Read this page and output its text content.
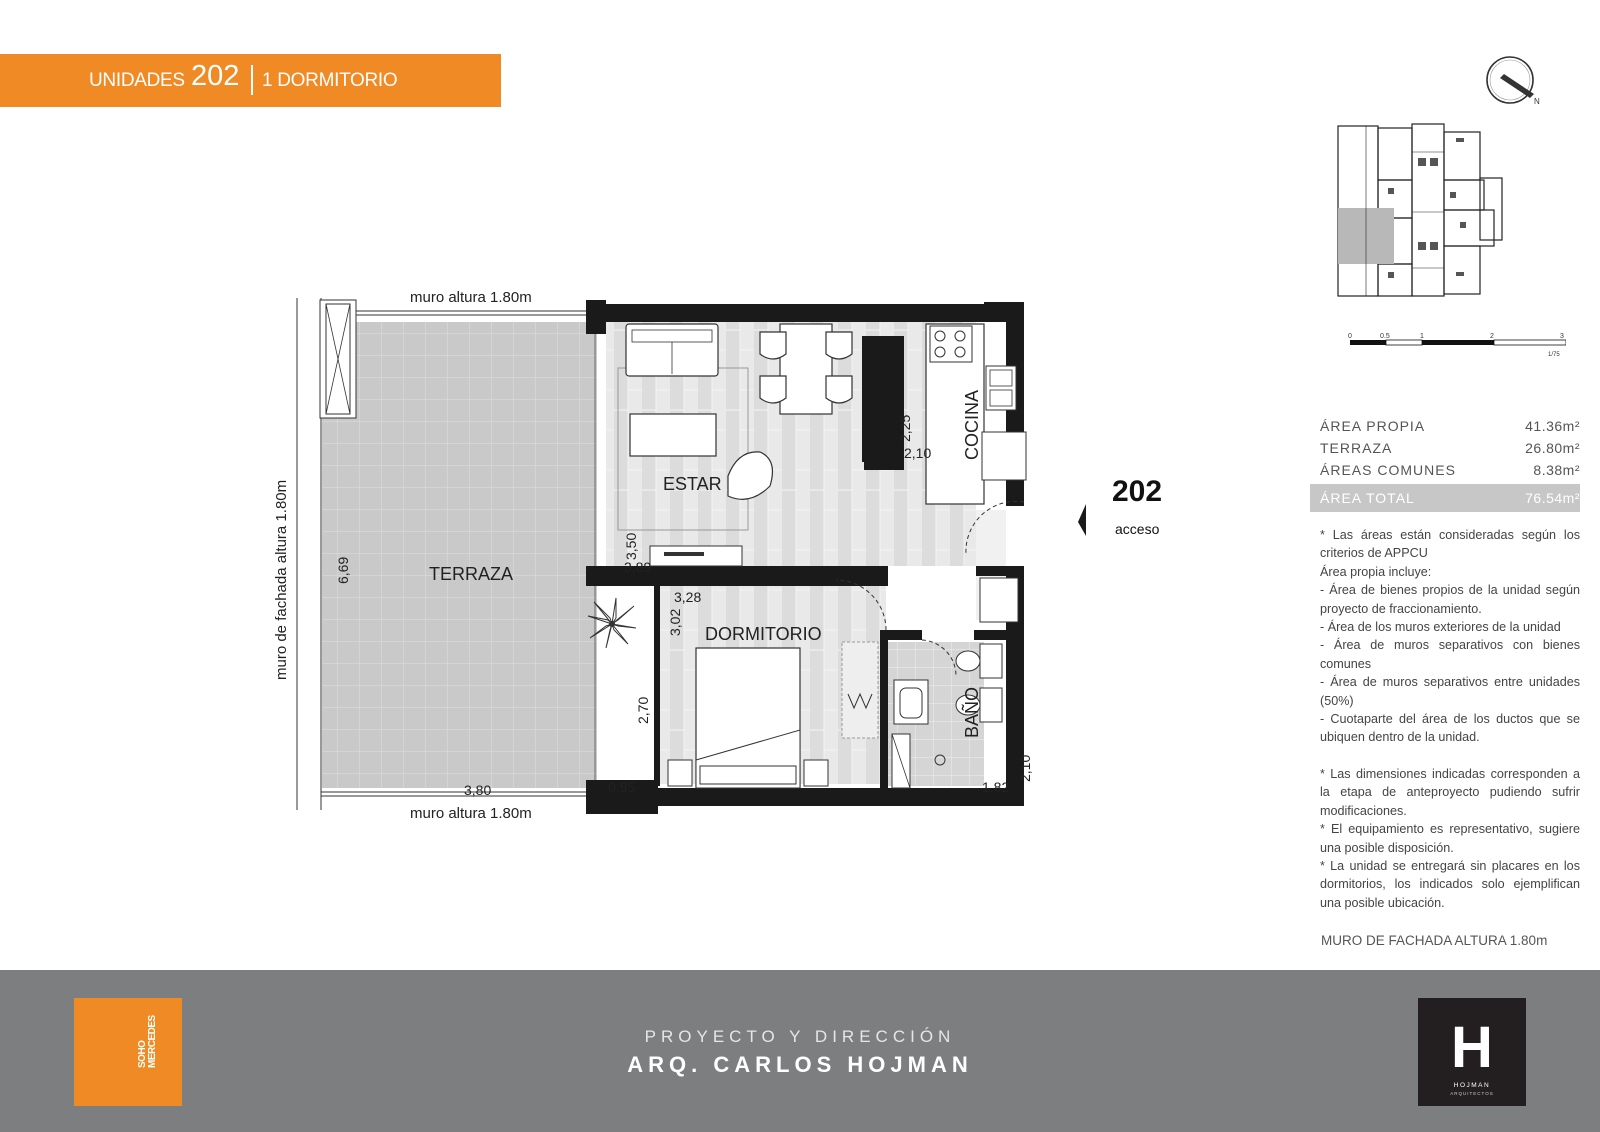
UNIDADES 202 1 DORMITORIO
N
0	0.5	1	2	3
1/75
muro altura 1.80m
muro altura 1.80m
muro de fachada altura 1.80m	TERRAZA
ESTAR
COCINA
DORMITORIO
BAÑO
6,69
3,80
2,25
2,10
3,50
3,89
3,28
3,02
2,70
0,95	1,82
2,10
202
acceso
ÁREA PROPIA	41.36m²
TERRAZA	26.80m²
ÁREAS COMUNES	8.38m²
ÁREA TOTAL	76.54m²

* Las áreas están consideradas según los criterios de APPCU

Área propia incluye:

- Área de bienes propios de la unidad según proyecto de fraccionamiento.

- Área de los muros exteriores de la unidad

- Área de muros separativos con bienes comunes

- Área de muros separativos entre unidades (50%)

- Cuotaparte del área de los ductos que se ubiquen dentro de la unidad.

* Las dimensiones indicadas corresponden a la etapa de anteproyecto pudiendo sufrir modificaciones.

* El equipamiento es representativo, sugiere una posible disposición.

* La unidad se entregará sin placares en los dormitorios, los indicados solo ejemplifican una posible ubicación.

MURO DE FACHADA ALTURA 1.80m
SOHO MERCEDES	PROYECTO Y DIRECCIÓN
ARQ. CARLOS HOJMAN	H
HOJMAN
ARQUITECTOS
